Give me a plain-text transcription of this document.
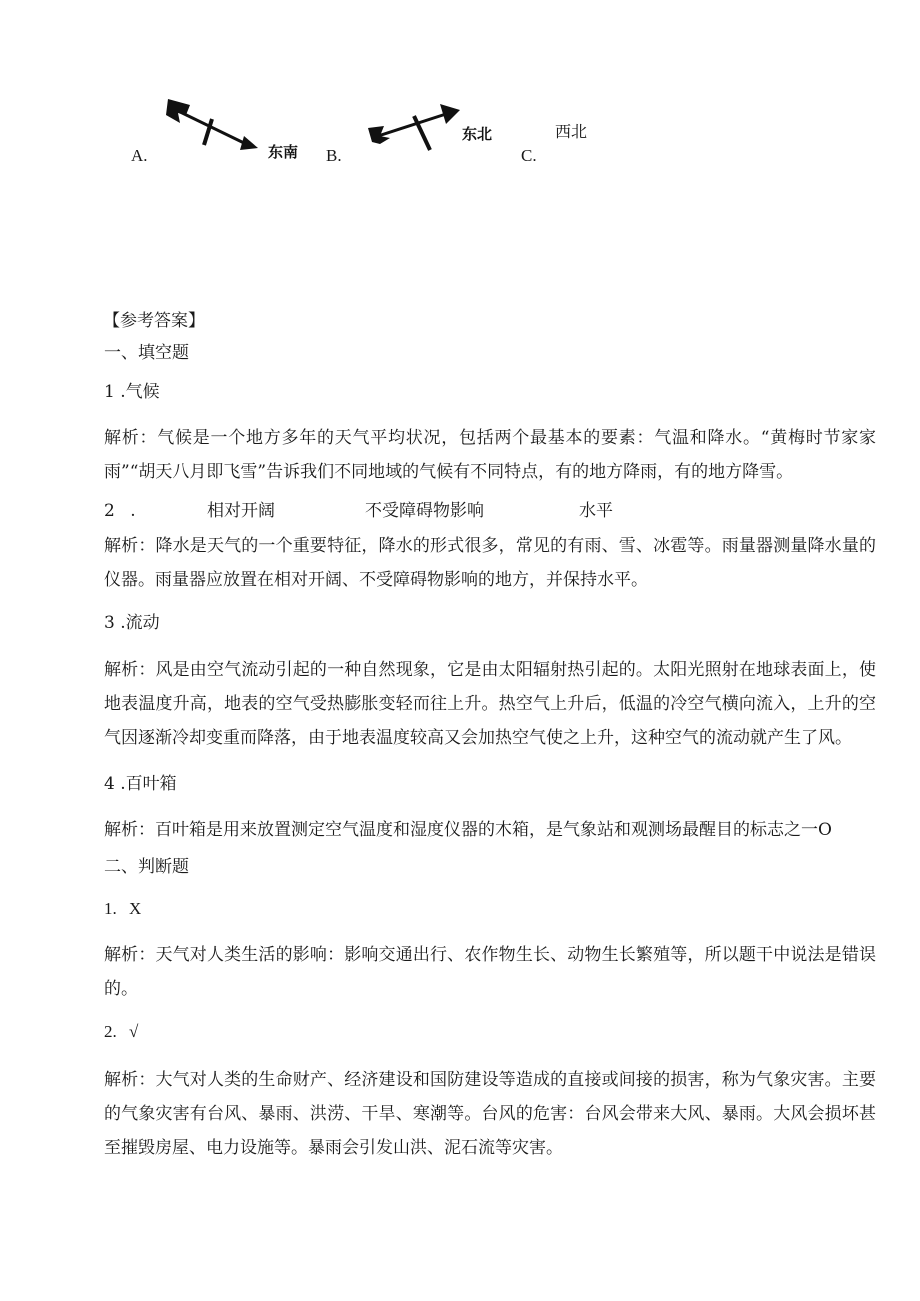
A.	东南 B.
东北
C.
西北
【参考答案】
一、填空题
1 .气候
解析：气候是一个地方多年的天气平均状况，包括两个最基本的要素：气温和降水。“黄梅时节家家雨”“胡天八月即飞雪”告诉我们不同地域的气候有不同特点，有的地方降雨，有的地方降雪。
2 .	相对开阔	不受障碍物影响	水平
解析：降水是天气的一个重要特征，降水的形式很多，常见的有雨、雪、冰雹等。雨量器测量降水量的仪器。雨量器应放置在相对开阔、不受障碍物影响的地方，并保持水平。
3 .流动
解析：风是由空气流动引起的一种自然现象，它是由太阳辐射热引起的。太阳光照射在地球表面上，使地表温度升高，地表的空气受热膨胀变轻而往上升。热空气上升后，低温的冷空气横向流入，上升的空气因逐渐冷却变重而降落，由于地表温度较高又会加热空气使之上升，这种空气的流动就产生了风。
4 .百叶箱
解析：百叶箱是用来放置测定空气温度和湿度仪器的木箱，是气象站和观测场最醒目的标志之一O
二、判断题
1. X
解析：天气对人类生活的影响：影响交通出行、农作物生长、动物生长繁殖等，所以题干中说法是错误的。
2. √
解析：大气对人类的生命财产、经济建设和国防建设等造成的直接或间接的损害，称为气象灾害。主要的气象灾害有台风、暴雨、洪涝、干旱、寒潮等。台风的危害：台风会带来大风、暴雨。大风会损坏甚至摧毁房屋、电力设施等。暴雨会引发山洪、泥石流等灾害。
